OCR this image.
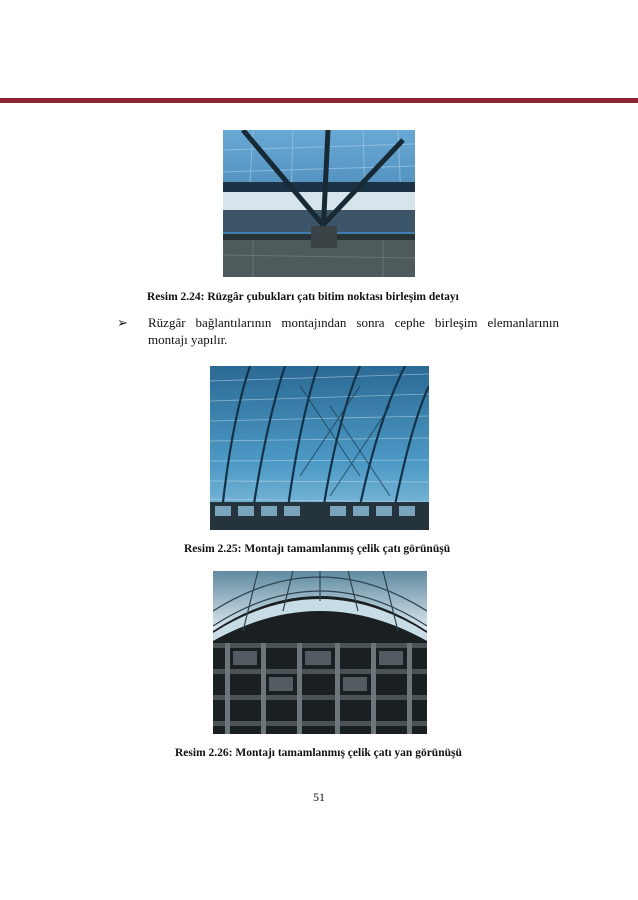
Resim 2.24: Rüzgâr çubukları çatı bitim noktası birleşim detayı
➢ Rüzgâr bağlantılarının montajından sonra cephe birleşim elemanlarının montajı yapılır.
Resim 2.25: Montajı tamamlanmış çelik çatı görünüşü
Resim 2.26: Montajı tamamlanmış çelik çatı yan görünüşü
51
